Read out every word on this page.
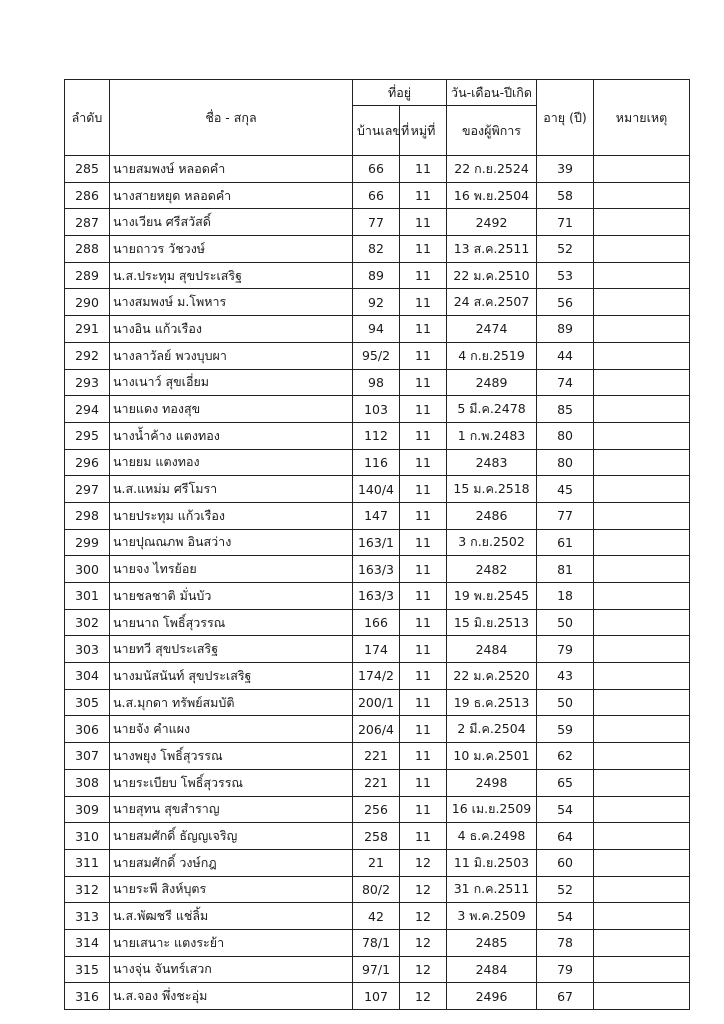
ลำดับ	ชื่อ - สกุล	ที่อยู่		วัน-เดือน-ปีเกิด	อายุ (ปี)	หมายเหตุ
		บ้านเลขที่	หมู่ที่	ของผู้พิการ		
285	นายสมพงษ์ หลอดคำ	66	11	22 ก.ย.2524	39	
286	นางสายหยุด หลอดคำ	66	11	16 พ.ย.2504	58	
287	นางเวียน ศรีสวัสดิ์	77	11	2492	71	
288	นายถาวร วัชวงษ์	82	11	13 ส.ค.2511	52	
289	น.ส.ประทุม สุขประเสริฐ	89	11	22 ม.ค.2510	53	
290	นางสมพงษ์ ม.โพหาร	92	11	24 ส.ค.2507	56	
291	นางอิน แก้วเรือง	94	11	2474	89	
292	นางลาวัลย์ พวงบุบผา	95/2	11	4 ก.ย.2519	44	
293	นางเนาว์ สุขเอี่ยม	98	11	2489	74	
294	นายแดง ทองสุข	103	11	5 มี.ค.2478	85	
295	นางน้ำค้าง แตงทอง	112	11	1 ก.พ.2483	80	
296	นายยม แตงทอง	116	11	2483	80	
297	น.ส.แหม่ม ศรีโมรา	140/4	11	15 ม.ค.2518	45	
298	นายประทุม แก้วเรือง	147	11	2486	77	
299	นายปุณณภพ อินสว่าง	163/1	11	3 ก.ย.2502	61	
300	นายจง ไทรย้อย	163/3	11	2482	81	
301	นายชลชาติ มั่นบัว	163/3	11	19 พ.ย.2545	18	
302	นายนาถ โพธิ์สุวรรณ	166	11	15 มิ.ย.2513	50	
303	นายทวี สุขประเสริฐ	174	11	2484	79	
304	นางมนัสนันท์ สุขประเสริฐ	174/2	11	22 ม.ค.2520	43	
305	น.ส.มุกดา ทรัพย์สมบัติ	200/1	11	19 ธ.ค.2513	50	
306	นายจัง คำแผง	206/4	11	2 มี.ค.2504	59	
307	นางพยุง โพธิ์สุวรรณ	221	11	10 ม.ค.2501	62	
308	นายระเบียบ โพธิ์สุวรรณ	221	11	2498	65	
309	นายสุทน สุขสำราญ	256	11	16 เม.ย.2509	54	
310	นายสมศักดิ์ ธัญญเจริญ	258	11	4 ธ.ค.2498	64	
311	นายสมศักดิ์ วงษ์กฎ	21	12	11 มิ.ย.2503	60	
312	นายระพี สิงห์บุตร	80/2	12	31 ก.ค.2511	52	
313	น.ส.พัฒชรี แช่ลิ้ม	42	12	3 พ.ค.2509	54	
314	นายเสนาะ แตงระย้า	78/1	12	2485	78	
315	นางจุ่น จันทร์เสวก	97/1	12	2484	79	
316	น.ส.จอง พึ่งชะอุ่ม	107	12	2496	67	
